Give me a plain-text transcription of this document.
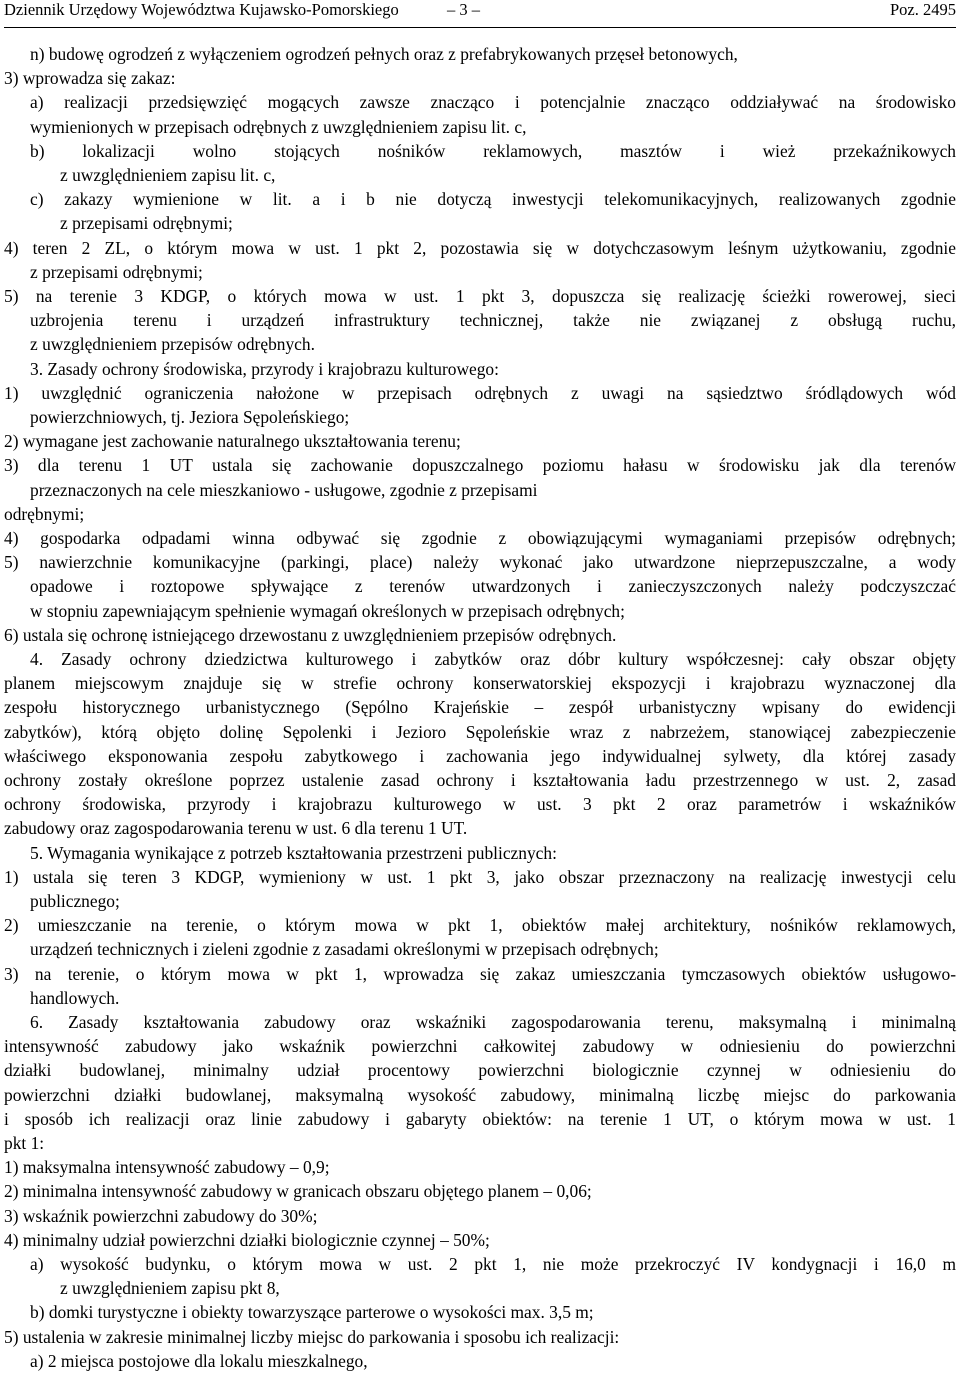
Dziennik Urzędowy Województwa Kujawsko-Pomorskiego	– 3 –	Poz. 2495
n) budowę ogrodzeń z wyłączeniem ogrodzeń pełnych oraz z prefabrykowanych przęseł betonowych,
3) wprowadza się zakaz:
a) realizacji przedsięwzięć mogących zawsze znacząco i potencjalnie znacząco oddziaływać na środowisko
wymienionych w przepisach odrębnych z uwzględnieniem zapisu lit. c,
b) lokalizacji wolno stojących nośników reklamowych, masztów i wież przekaźnikowych
z uwzględnieniem zapisu lit. c,
c) zakazy wymienione w lit. a i b nie dotyczą inwestycji telekomunikacyjnych, realizowanych zgodnie
z przepisami odrębnymi;
4) teren 2 ZL, o którym mowa w ust. 1 pkt 2, pozostawia się w dotychczasowym leśnym użytkowaniu, zgodnie
z przepisami odrębnymi;
5) na terenie 3 KDGP, o których mowa w ust. 1 pkt 3, dopuszcza się realizację ścieżki rowerowej, sieci
uzbrojenia terenu i urządzeń infrastruktury technicznej, także nie związanej z obsługą ruchu,
z uwzględnieniem przepisów odrębnych.
3. Zasady ochrony środowiska, przyrody i krajobrazu kulturowego:
1) uwzględnić ograniczenia nałożone w przepisach odrębnych z uwagi na sąsiedztwo śródlądowych wód
powierzchniowych, tj. Jeziora Sępoleńskiego;
2) wymagane jest zachowanie naturalnego ukształtowania terenu;
3) dla terenu 1 UT ustala się zachowanie dopuszczalnego poziomu hałasu w środowisku jak dla terenów
przeznaczonych na cele mieszkaniowo - usługowe, zgodnie z przepisami
odrębnymi;
4) gospodarka odpadami winna odbywać się zgodnie z obowiązującymi wymaganiami przepisów odrębnych;
5) nawierzchnie komunikacyjne (parkingi, place) należy wykonać jako utwardzone nieprzepuszczalne, a wody
opadowe i roztopowe spływające z terenów utwardzonych i zanieczyszczonych należy podczyszczać
w stopniu zapewniającym spełnienie wymagań określonych w przepisach odrębnych;
6) ustala się ochronę istniejącego drzewostanu z uwzględnieniem przepisów odrębnych.
4. Zasady ochrony dziedzictwa kulturowego i zabytków oraz dóbr kultury współczesnej: cały obszar objęty
planem miejscowym znajduje się w strefie ochrony konserwatorskiej ekspozycji i krajobrazu wyznaczonej dla
zespołu historycznego urbanistycznego (Sępólno Krajeńskie – zespół urbanistyczny wpisany do ewidencji
zabytków), którą objęto dolinę Sępolenki i Jezioro Sępoleńskie wraz z nabrzeżem, stanowiącej zabezpieczenie
właściwego eksponowania zespołu zabytkowego i zachowania jego indywidualnej sylwety, dla której zasady
ochrony zostały określone poprzez ustalenie zasad ochrony i kształtowania ładu przestrzennego w ust. 2, zasad
ochrony środowiska, przyrody i krajobrazu kulturowego w ust. 3 pkt 2 oraz parametrów i wskaźników
zabudowy oraz zagospodarowania terenu w ust. 6 dla terenu 1 UT.
5. Wymagania wynikające z potrzeb kształtowania przestrzeni publicznych:
1) ustala się teren 3 KDGP, wymieniony w ust. 1 pkt 3, jako obszar przeznaczony na realizację inwestycji celu
publicznego;
2) umieszczanie na terenie, o którym mowa w pkt 1, obiektów małej architektury, nośników reklamowych,
urządzeń technicznych i zieleni zgodnie z zasadami określonymi w przepisach odrębnych;
3) na terenie, o którym mowa w pkt 1, wprowadza się zakaz umieszczania tymczasowych obiektów usługowo-
handlowych.
6. Zasady kształtowania zabudowy oraz wskaźniki zagospodarowania terenu, maksymalną i minimalną
intensywność zabudowy jako wskaźnik powierzchni całkowitej zabudowy w odniesieniu do powierzchni
działki budowlanej, minimalny udział procentowy powierzchni biologicznie czynnej w odniesieniu do
powierzchni działki budowlanej, maksymalną wysokość zabudowy, minimalną liczbę miejsc do parkowania
i sposób ich realizacji oraz linie zabudowy i gabaryty obiektów: na terenie 1 UT, o którym mowa w ust. 1
pkt 1:
1) maksymalna intensywność zabudowy – 0,9;
2) minimalna intensywność zabudowy w granicach obszaru objętego planem – 0,06;
3) wskaźnik powierzchni zabudowy do 30%;
4) minimalny udział powierzchni działki biologicznie czynnej – 50%;
a) wysokość budynku, o którym mowa w ust. 2 pkt 1, nie może przekroczyć IV kondygnacji i 16,0 m
z uwzględnieniem zapisu pkt 8,
b) domki turystyczne i obiekty towarzyszące parterowe o wysokości max. 3,5 m;
5) ustalenia w zakresie minimalnej liczby miejsc do parkowania i sposobu ich realizacji:
a) 2 miejsca postojowe dla lokalu mieszkalnego,
